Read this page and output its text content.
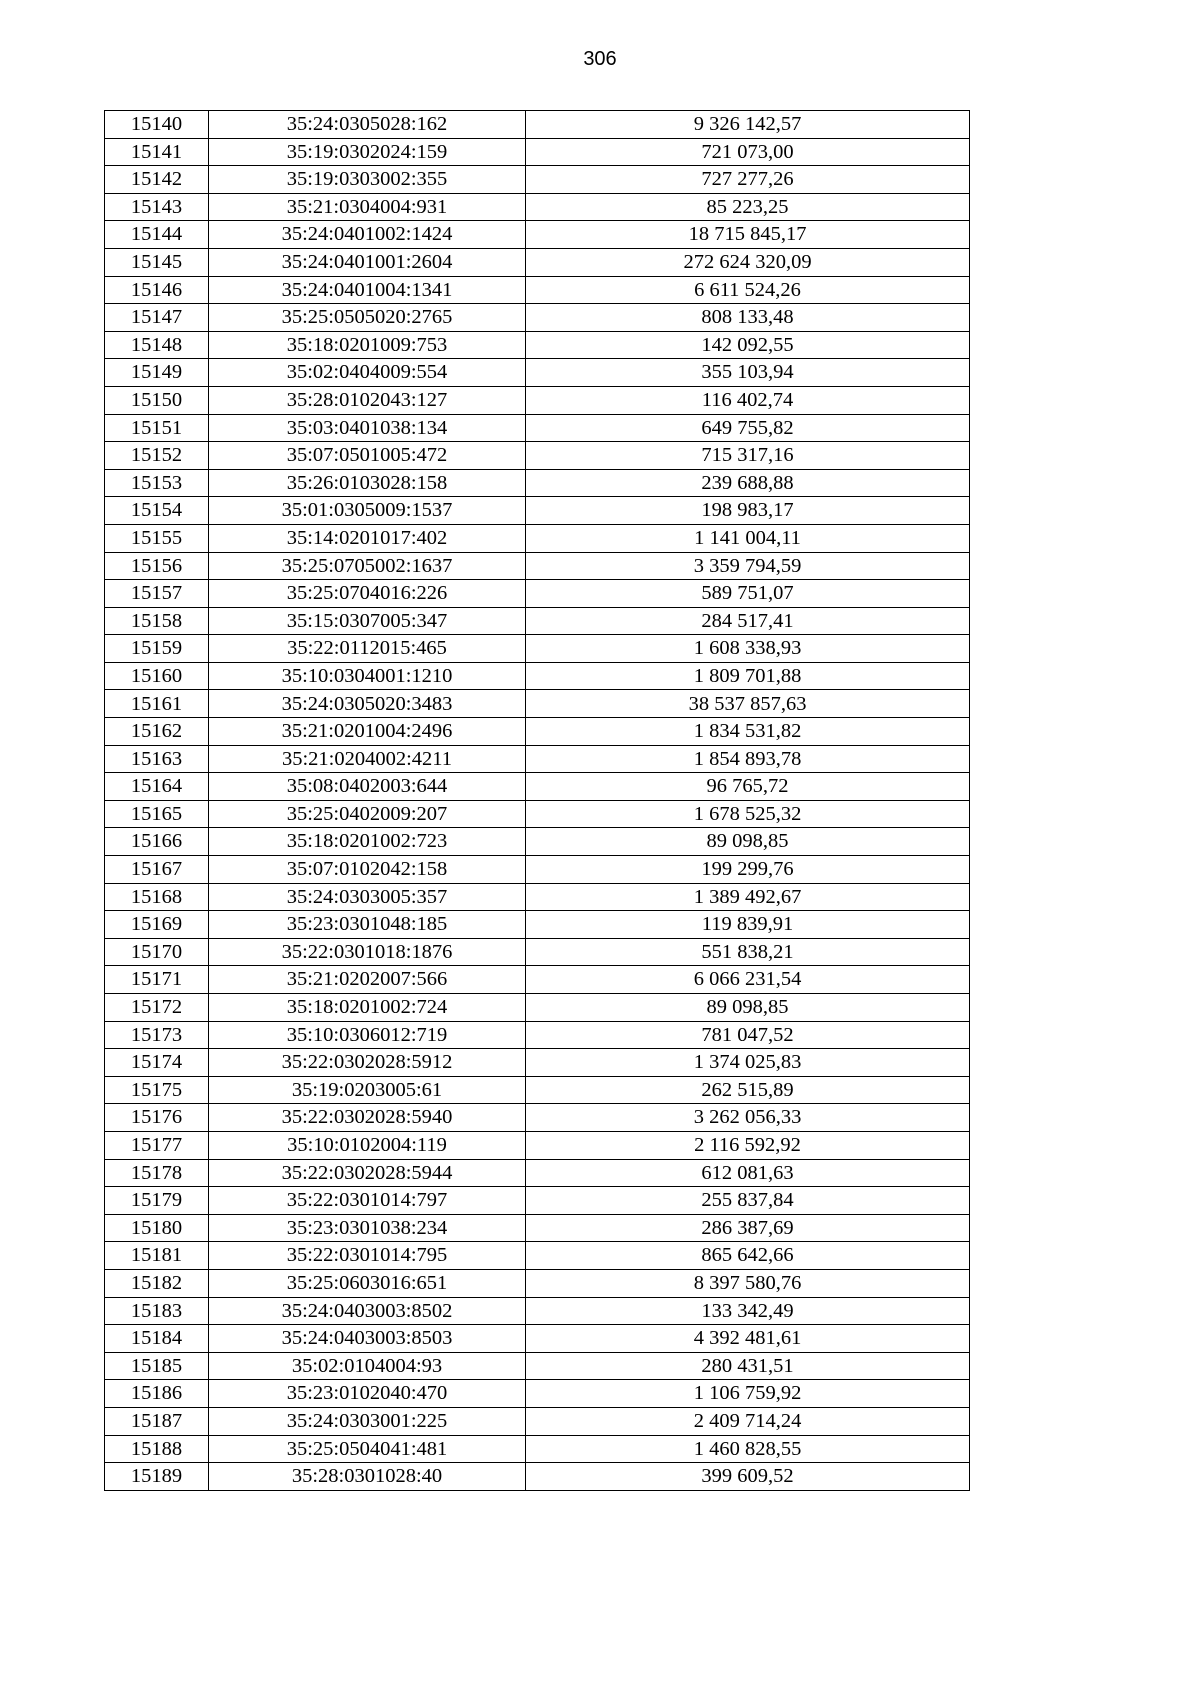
306
15140	35:24:0305028:162	9 326 142,57
15141	35:19:0302024:159	721 073,00
15142	35:19:0303002:355	727 277,26
15143	35:21:0304004:931	85 223,25
15144	35:24:0401002:1424	18 715 845,17
15145	35:24:0401001:2604	272 624 320,09
15146	35:24:0401004:1341	6 611 524,26
15147	35:25:0505020:2765	808 133,48
15148	35:18:0201009:753	142 092,55
15149	35:02:0404009:554	355 103,94
15150	35:28:0102043:127	116 402,74
15151	35:03:0401038:134	649 755,82
15152	35:07:0501005:472	715 317,16
15153	35:26:0103028:158	239 688,88
15154	35:01:0305009:1537	198 983,17
15155	35:14:0201017:402	1 141 004,11
15156	35:25:0705002:1637	3 359 794,59
15157	35:25:0704016:226	589 751,07
15158	35:15:0307005:347	284 517,41
15159	35:22:0112015:465	1 608 338,93
15160	35:10:0304001:1210	1 809 701,88
15161	35:24:0305020:3483	38 537 857,63
15162	35:21:0201004:2496	1 834 531,82
15163	35:21:0204002:4211	1 854 893,78
15164	35:08:0402003:644	96 765,72
15165	35:25:0402009:207	1 678 525,32
15166	35:18:0201002:723	89 098,85
15167	35:07:0102042:158	199 299,76
15168	35:24:0303005:357	1 389 492,67
15169	35:23:0301048:185	119 839,91
15170	35:22:0301018:1876	551 838,21
15171	35:21:0202007:566	6 066 231,54
15172	35:18:0201002:724	89 098,85
15173	35:10:0306012:719	781 047,52
15174	35:22:0302028:5912	1 374 025,83
15175	35:19:0203005:61	262 515,89
15176	35:22:0302028:5940	3 262 056,33
15177	35:10:0102004:119	2 116 592,92
15178	35:22:0302028:5944	612 081,63
15179	35:22:0301014:797	255 837,84
15180	35:23:0301038:234	286 387,69
15181	35:22:0301014:795	865 642,66
15182	35:25:0603016:651	8 397 580,76
15183	35:24:0403003:8502	133 342,49
15184	35:24:0403003:8503	4 392 481,61
15185	35:02:0104004:93	280 431,51
15186	35:23:0102040:470	1 106 759,92
15187	35:24:0303001:225	2 409 714,24
15188	35:25:0504041:481	1 460 828,55
15189	35:28:0301028:40	399 609,52
